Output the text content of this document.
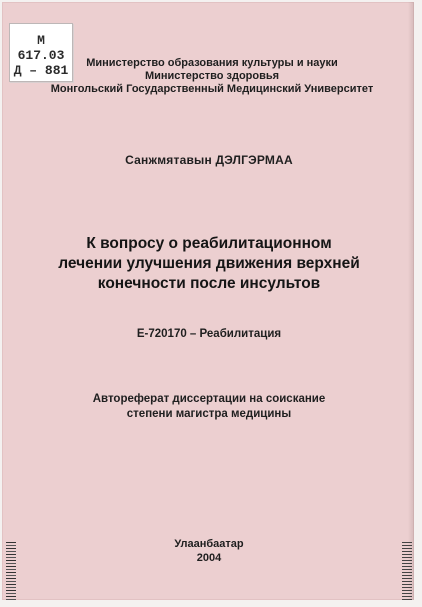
М 617.03
Д – 881	Министерство образования культуры и науки
Министерство здоровья
Монгольский Государственный Медицинский Университет
Санжмятавын ДЭЛГЭРМАА
К вопросу о реабилитационном
лечении улучшения движения верхней
конечности после инсультов
Е-720170 – Реабилитация
Автореферат диссертации на соискание
степени магистра медицины
Улаанбаатар
2004
